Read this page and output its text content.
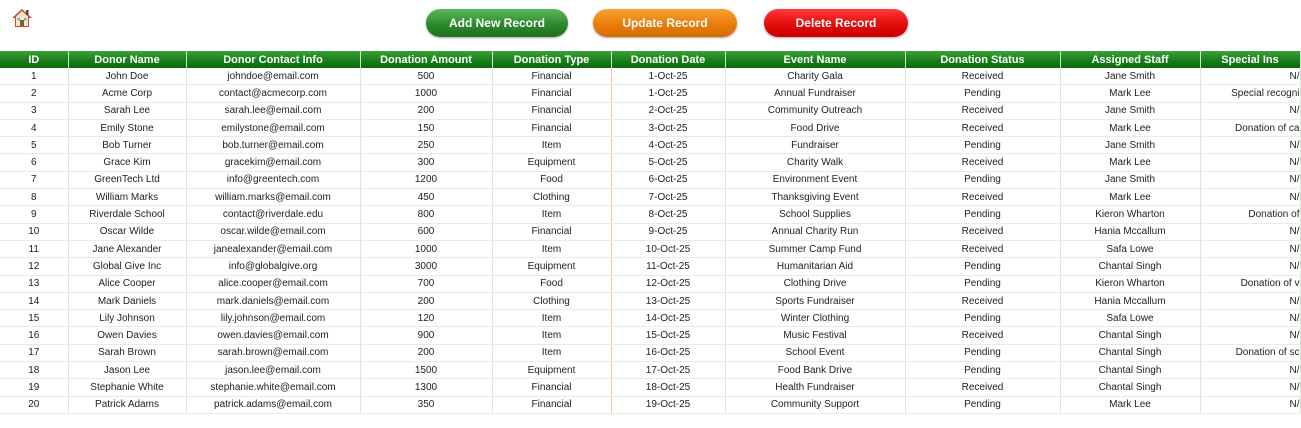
Add New Record	Update Record	Delete Record
ID	Donor Name	Donor Contact Info	Donation Amount	Donation Type	Donation Date	Event Name	Donation Status	Assigned Staff	Special Ins
1	John Doe	johndoe@email.com	500	Financial	1-Oct-25	Charity Gala	Received	Jane Smith	N/
2	Acme Corp	contact@acmecorp.com	1000	Financial	1-Oct-25	Annual Fundraiser	Pending	Mark Lee	Special recogni
3	Sarah Lee	sarah.lee@email.com	200	Financial	2-Oct-25	Community Outreach	Received	Jane Smith	N/
4	Emily Stone	emilystone@email.com	150	Financial	3-Oct-25	Food Drive	Received	Mark Lee	Donation of ca
5	Bob Turner	bob.turner@email.com	250	Item	4-Oct-25	Fundraiser	Pending	Jane Smith	N/
6	Grace Kim	gracekim@email.com	300	Equipment	5-Oct-25	Charity Walk	Received	Mark Lee	N/
7	GreenTech Ltd	info@greentech.com	1200	Food	6-Oct-25	Environment Event	Pending	Jane Smith	N/
8	William Marks	william.marks@email.com	450	Clothing	7-Oct-25	Thanksgiving Event	Received	Mark Lee	N/
9	Riverdale School	contact@riverdale.edu	800	Item	8-Oct-25	School Supplies	Pending	Kieron Wharton	Donation of
10	Oscar Wilde	oscar.wilde@email.com	600	Financial	9-Oct-25	Annual Charity Run	Received	Hania Mccallum	N/
11	Jane Alexander	janealexander@email.com	1000	Item	10-Oct-25	Summer Camp Fund	Received	Safa Lowe	N/
12	Global Give Inc	info@globalgive.org	3000	Equipment	11-Oct-25	Humanitarian Aid	Pending	Chantal Singh	N/
13	Alice Cooper	alice.cooper@email.com	700	Food	12-Oct-25	Clothing Drive	Pending	Kieron Wharton	Donation of v
14	Mark Daniels	mark.daniels@email.com	200	Clothing	13-Oct-25	Sports Fundraiser	Received	Hania Mccallum	N/
15	Lily Johnson	lily.johnson@email.com	120	Item	14-Oct-25	Winter Clothing	Pending	Safa Lowe	N/
16	Owen Davies	owen.davies@email.com	900	Item	15-Oct-25	Music Festival	Received	Chantal Singh	N/
17	Sarah Brown	sarah.brown@email.com	200	Item	16-Oct-25	School Event	Pending	Chantal Singh	Donation of sc
18	Jason Lee	jason.lee@email.com	1500	Equipment	17-Oct-25	Food Bank Drive	Pending	Chantal Singh	N/
19	Stephanie White	stephanie.white@email.com	1300	Financial	18-Oct-25	Health Fundraiser	Received	Chantal Singh	N/
20	Patrick Adams	patrick.adams@email.com	350	Financial	19-Oct-25	Community Support	Pending	Mark Lee	N/
